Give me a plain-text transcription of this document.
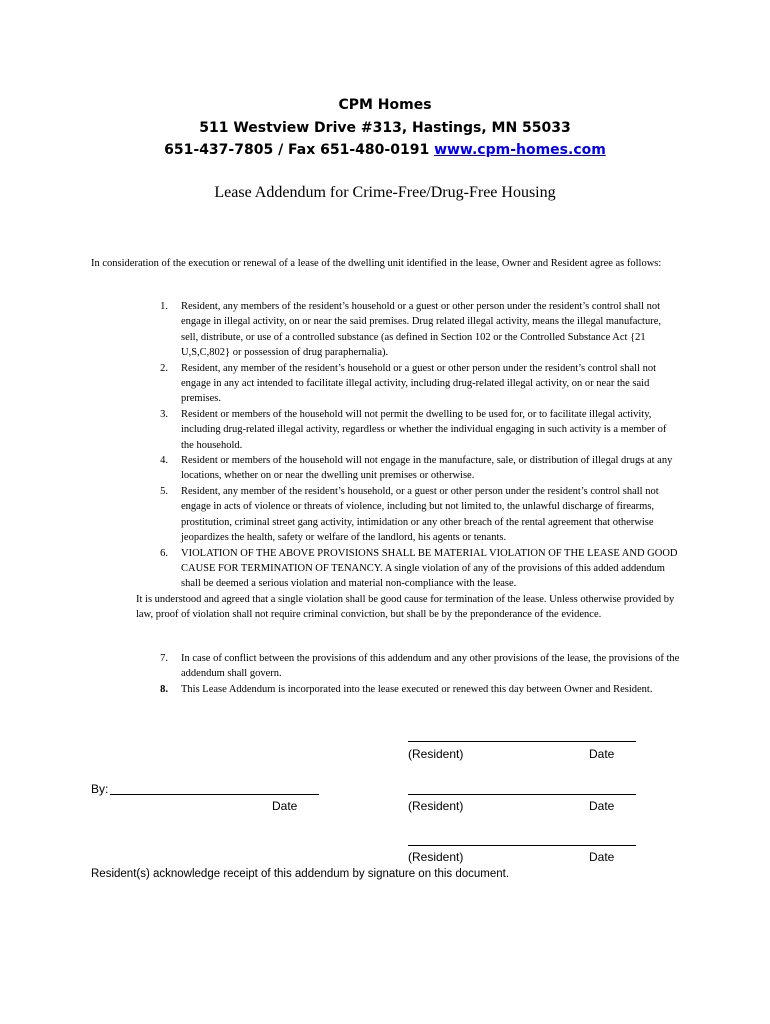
CPM Homes
511 Westview Drive #313, Hastings, MN 55033
651-437-7805 / Fax 651-480-0191 www.cpm-homes.com
Lease Addendum for Crime-Free/Drug-Free Housing
In consideration of the execution or renewal of a lease of the dwelling unit identified in the lease, Owner and Resident agree as follows:
1. Resident, any members of the resident’s household or a guest or other person under the resident’s control shall not engage in illegal activity, on or near the said premises. Drug related illegal activity, means the illegal manufacture, sell, distribute, or use of a controlled substance (as defined in Section 102 or the Controlled Substance Act {21 U,S,C,802} or possession of drug paraphernalia).
2. Resident, any member of the resident’s household or a guest or other person under the resident’s control shall not engage in any act intended to facilitate illegal activity, including drug-related illegal activity, on or near the said premises.
3. Resident or members of the household will not permit the dwelling to be used for, or to facilitate illegal activity, including drug-related illegal activity, regardless or whether the individual engaging in such activity is a member of the household.
4. Resident or members of the household will not engage in the manufacture, sale, or distribution of illegal drugs at any locations, whether on or near the dwelling unit premises or otherwise.
5. Resident, any member of the resident’s household, or a guest or other person under the resident’s control shall not engage in acts of violence or threats of violence, including but not limited to, the unlawful discharge of firearms, prostitution, criminal street gang activity, intimidation or any other breach of the rental agreement that otherwise jeopardizes the health, safety or welfare of the landlord, his agents or tenants.
6. VIOLATION OF THE ABOVE PROVISIONS SHALL BE MATERIAL VIOLATION OF THE LEASE AND GOOD CAUSE FOR TERMINATION OF TENANCY. A single violation of any of the provisions of this added addendum shall be deemed a serious violation and material non-compliance with the lease.
It is understood and agreed that a single violation shall be good cause for termination of the lease. Unless otherwise provided by law, proof of violation shall not require criminal conviction, but shall be by the preponderance of the evidence.
7. In case of conflict between the provisions of this addendum and any other provisions of the lease, the provisions of the addendum shall govern.
8. This Lease Addendum is incorporated into the lease executed or renewed this day between Owner and Resident.
(Resident)	Date
By:
Date	(Resident)	Date
(Resident)	Date
Resident(s) acknowledge receipt of this addendum by signature on this document.
